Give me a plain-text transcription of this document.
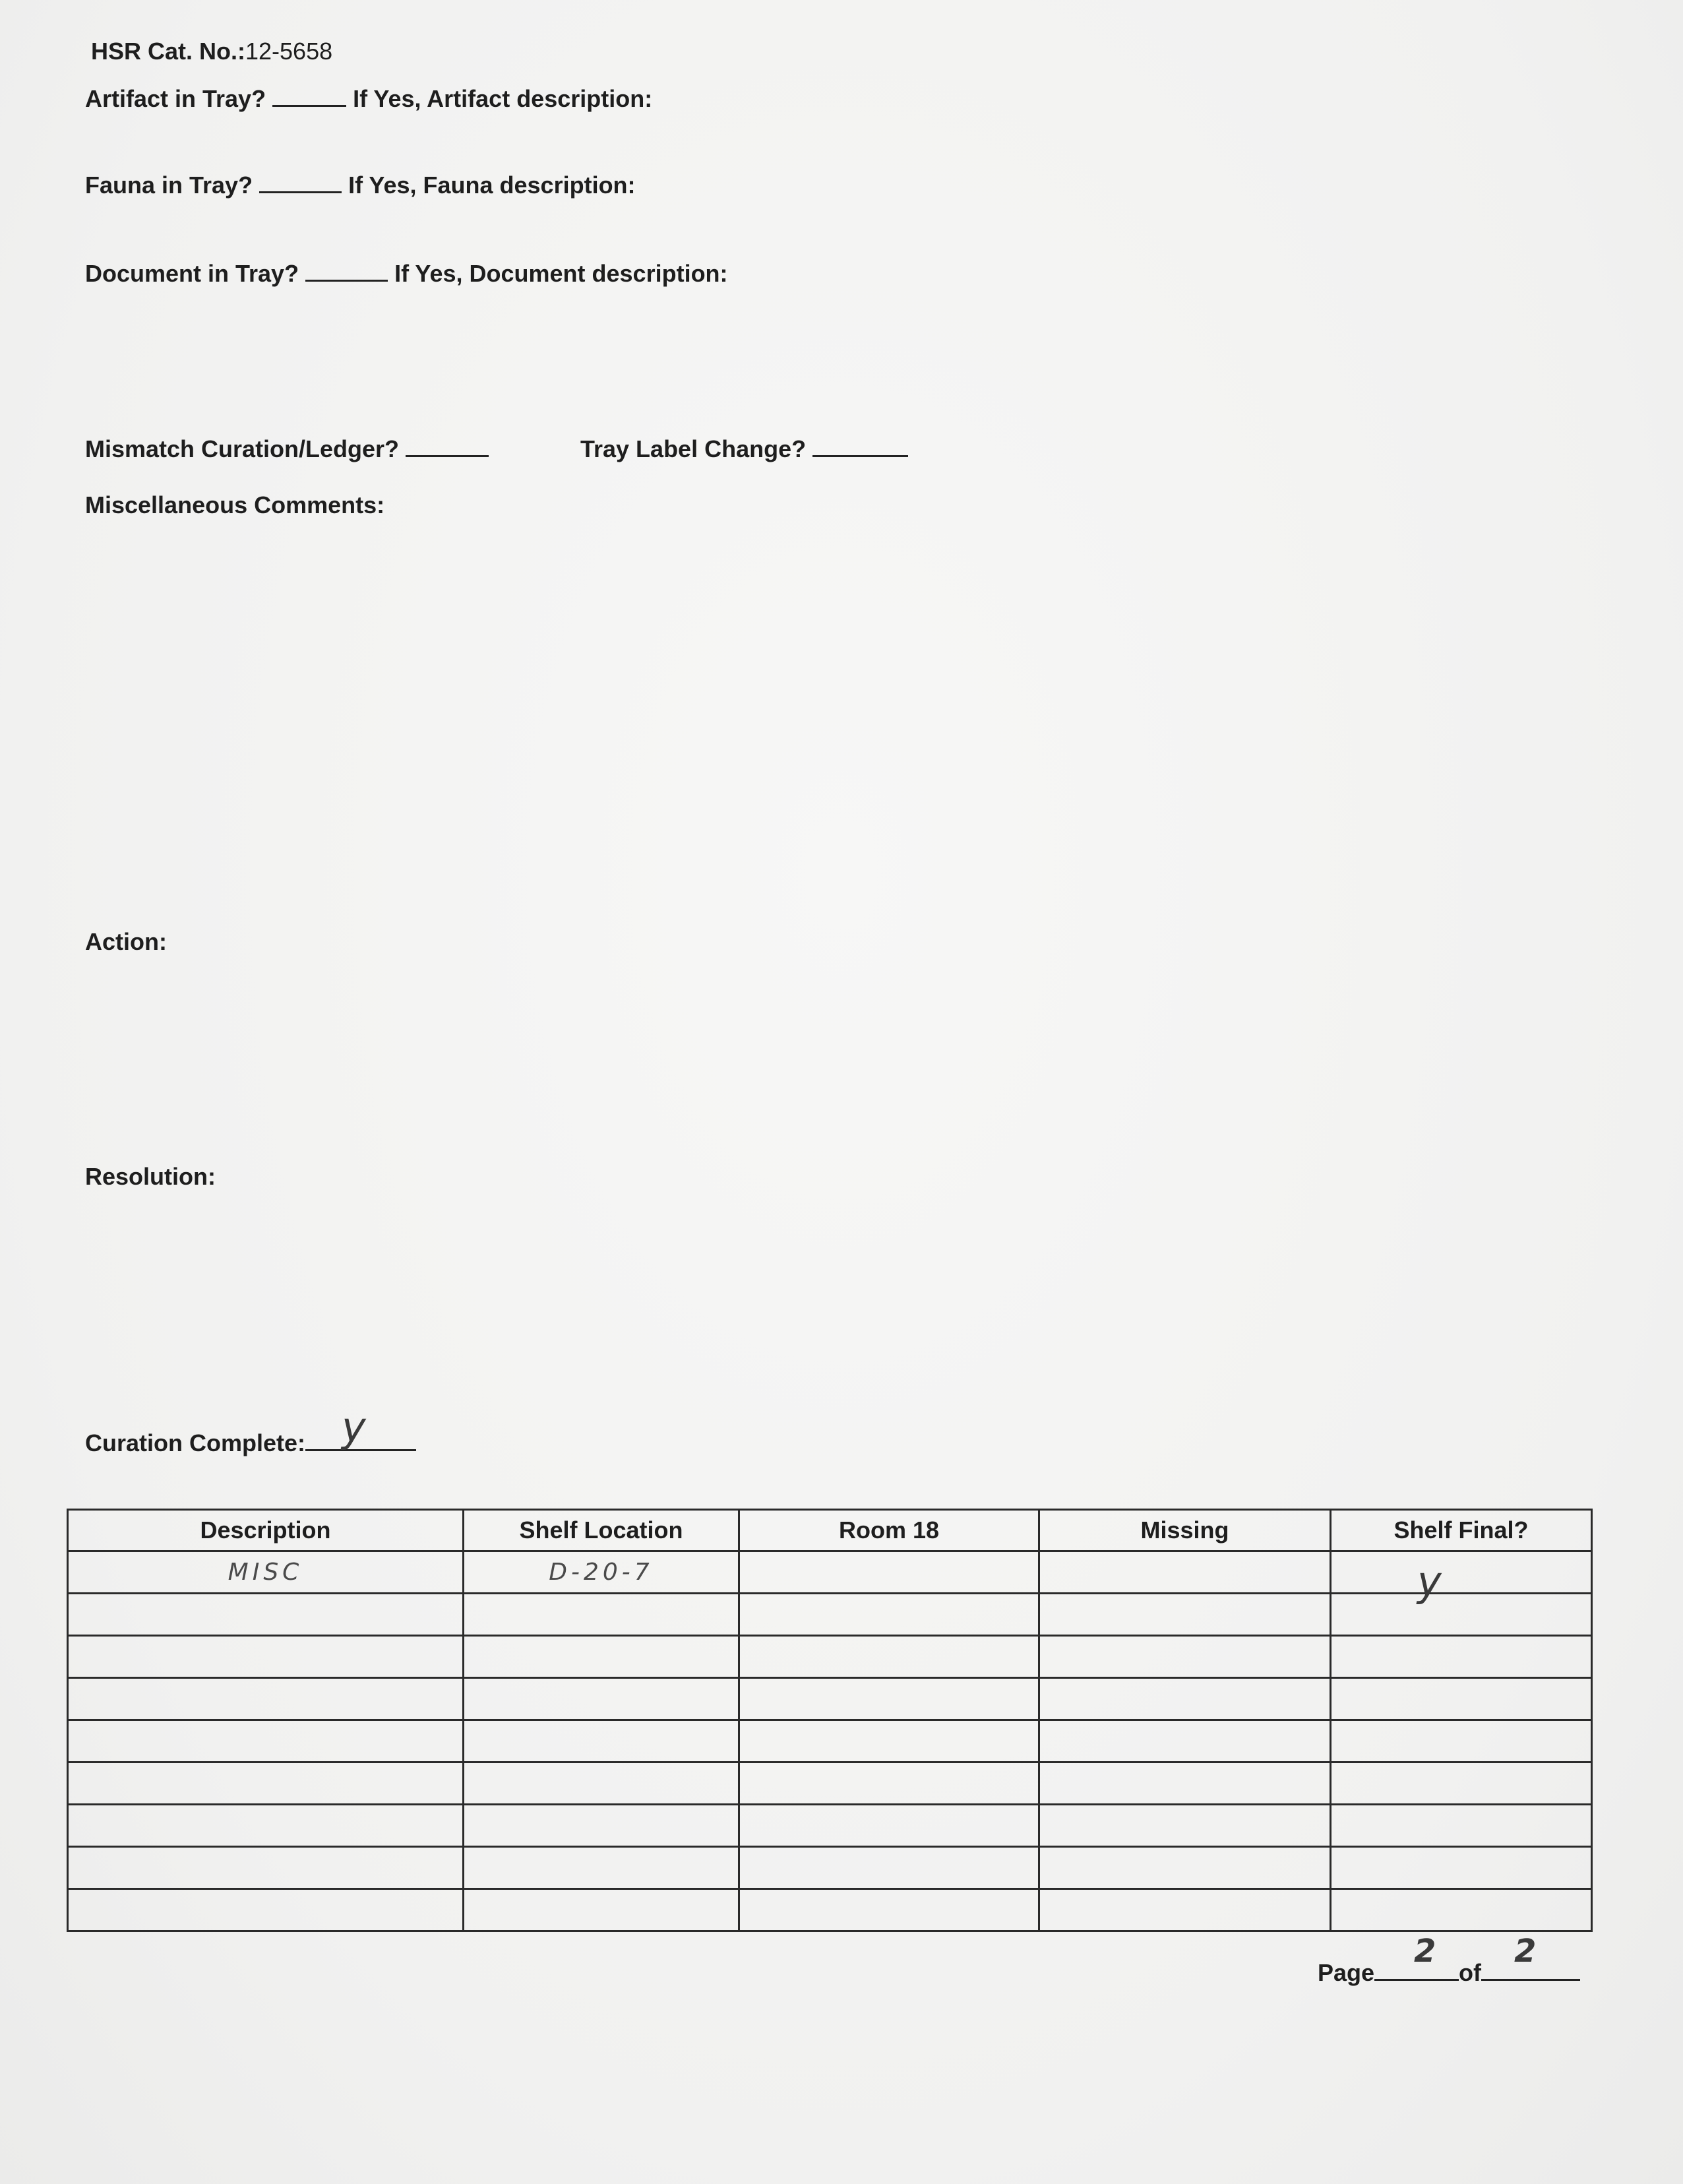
HSR Cat. No.:12-5658
Artifact in Tray?	If Yes, Artifact description:
Fauna in Tray?	If Yes, Fauna description:
Document in Tray?	If Yes, Document description:
Mismatch Curation/Ledger?	Tray Label Change?
Miscellaneous Comments:
Action:
Resolution:
Curation Complete: y
Description	Shelf Location	Room 18	Missing	Shelf Final?
MISC	D-20-7			y

Page
2
of
2
